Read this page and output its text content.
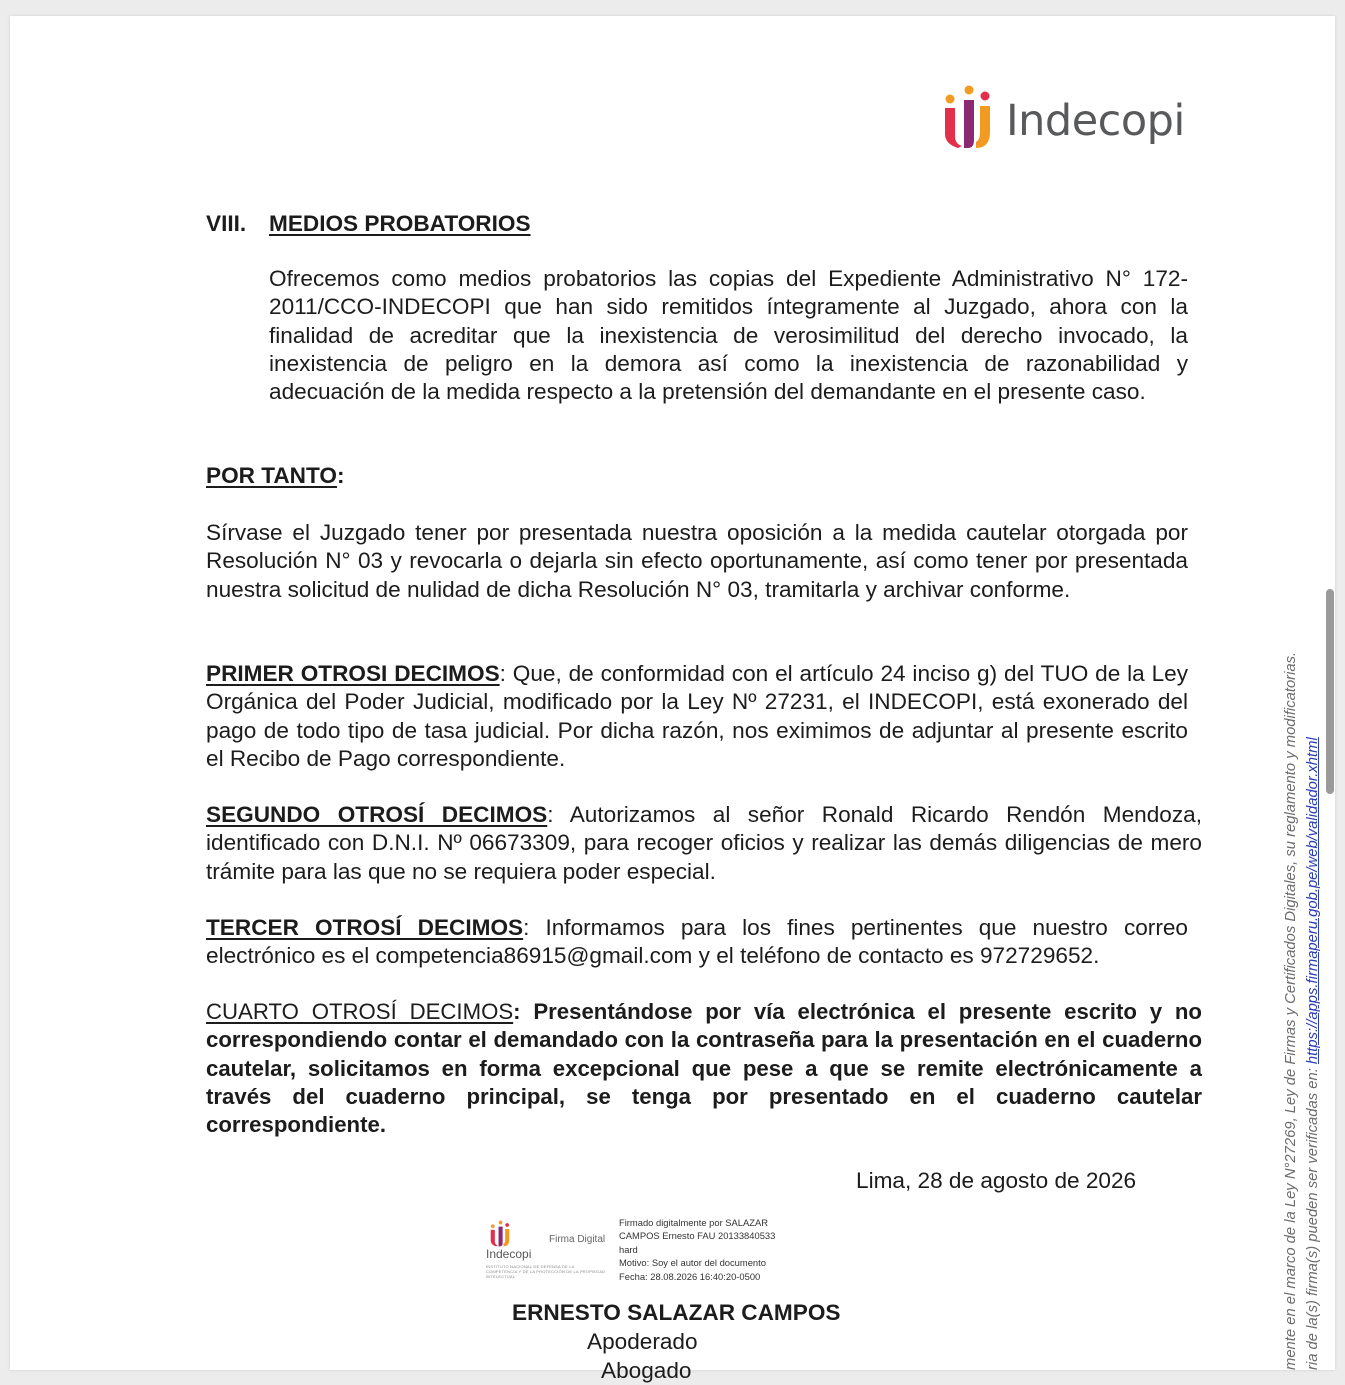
Indecopi
VIII. MEDIOS PROBATORIOS
Ofrecemos como medios probatorios las copias del Expediente Administrativo N° 172-2011/CCO-INDECOPI que han sido remitidos íntegramente al Juzgado, ahora con la finalidad de acreditar que la inexistencia de verosimilitud del derecho invocado, la inexistencia de peligro en la demora así como la inexistencia de razonabilidad y adecuación de la medida respecto a la pretensión del demandante en el presente caso.
POR TANTO:
Sírvase el Juzgado tener por presentada nuestra oposición a la medida cautelar otorgada por Resolución N° 03 y revocarla o dejarla sin efecto oportunamente, así como tener por presentada nuestra solicitud de nulidad de dicha Resolución N° 03, tramitarla y archivar conforme.
PRIMER OTROSI DECIMOS: Que, de conformidad con el artículo 24 inciso g) del TUO de la Ley Orgánica del Poder Judicial, modificado por la Ley Nº 27231, el INDECOPI, está exonerado del pago de todo tipo de tasa judicial. Por dicha razón, nos eximimos de adjuntar al presente escrito el Recibo de Pago correspondiente.
SEGUNDO OTROSÍ DECIMOS: Autorizamos al señor Ronald Ricardo Rendón Mendoza, identificado con D.N.I. Nº 06673309, para recoger oficios y realizar las demás diligencias de mero trámite para las que no se requiera poder especial.
TERCER OTROSÍ DECIMOS: Informamos para los fines pertinentes que nuestro correo electrónico es el competencia86915@gmail.com y el teléfono de contacto es 972729652.
CUARTO OTROSÍ DECIMOS: Presentándose por vía electrónica el presente escrito y no correspondiendo contar el demandado con la contraseña para la presentación en el cuaderno cautelar, solicitamos en forma excepcional que pese a que se remite electrónicamente a través del cuaderno principal, se tenga por presentado en el cuaderno cautelar correspondiente.
Lima, 28 de agosto de 2026
ERNESTO SALAZAR CAMPOS
Apoderado
Abogado
Indecopi
INSTITUTO NACIONAL DE DEFENSA DE LA COMPETENCIA Y DE LA PROTECCIÓN DE LA PROPIEDAD INTELECTUAL
Firma Digital
Firmado digitalmente por SALAZAR
CAMPOS Ernesto FAU 20133840533
hard
Motivo: Soy el autor del documento
Fecha: 28.08.2026 16:40:20-0500	mente en el marco de la Ley N°27269, Ley de Firmas y Certificados Digitales, su reglamento y modificatorias. ria de la(s) firma(s) pueden ser verificadas en: https://apps.firmaperu.gob.pe/web/validador.xhtml
